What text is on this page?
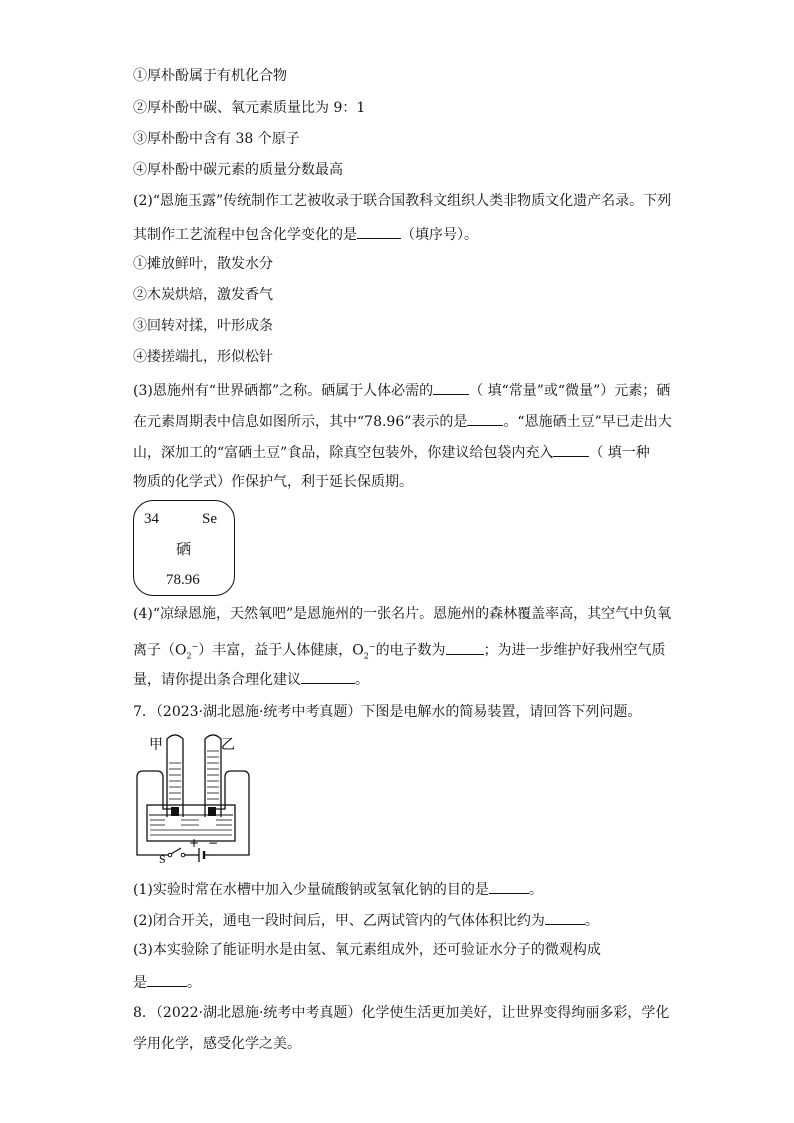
①厚朴酚属于有机化合物
②厚朴酚中碳、氧元素质量比为 9：1
③厚朴酚中含有 38 个原子
④厚朴酚中碳元素的质量分数最高
(2)“恩施玉露”传统制作工艺被收录于联合国教科文组织人类非物质文化遗产名录。下列
其制作工艺流程中包含化学变化的是	（填序号）。
①摊放鲜叶，散发水分
②木炭烘焙，激发香气
③回转对揉，叶形成条
④搂搓端扎，形似松针
(3)恩施州有“世界硒都”之称。硒属于人体必需的	（ 填“常量”或“微量”）元素；硒
在元素周期表中信息如图所示，其中“78.96”表示的是	。“恩施硒土豆”早已走出大
山，深加工的“富硒土豆”食品，除真空包装外，你建议给包袋内充入	（ 填一种
物质的化学式）作保护气，利于延长保质期。
34	Se
硒
78.96
(4)“凉绿恩施，天然氧吧”是恩施州的一张名片。恩施州的森林覆盖率高，其空气中负氧
离子$(O_2^-)$丰富，益于人体健康，$O_2^-$的电子数为	；为进一步维护好我州空气质
量，请你提出条合理化建议	。
7．（2023·湖北恩施·统考中考真题）下图是电解水的简易装置，请回答下列问题。
甲	乙
S
+ −
(1)实验时常在水槽中加入少量硫酸钠或氢氧化钠的目的是	。
(2)闭合开关，通电一段时间后，甲、乙两试管内的气体体积比约为	。
(3)本实验除了能证明水是由氢、氧元素组成外，还可验证水分子的微观构成
是	。
8．（2022·湖北恩施·统考中考真题）化学使生活更加美好，让世界变得绚丽多彩，学化
学用化学，感受化学之美。
